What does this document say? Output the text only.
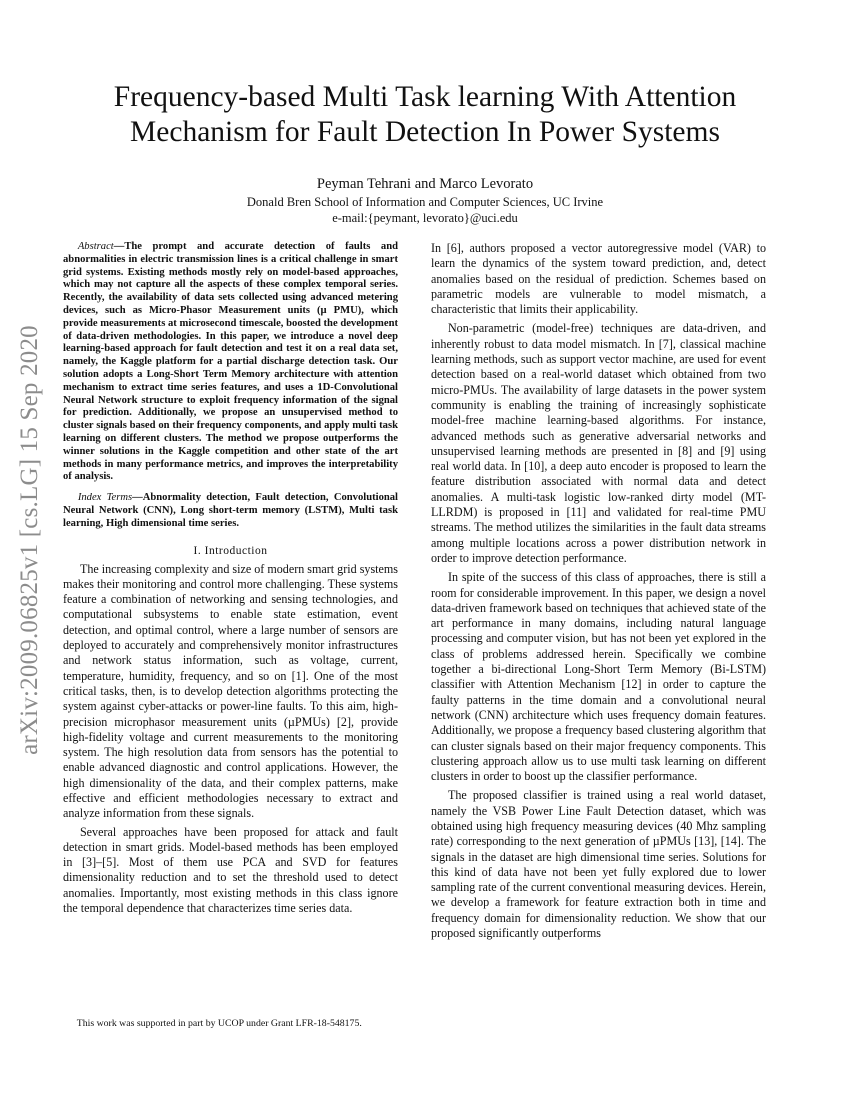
arXiv:2009.06825v1 [cs.LG] 15 Sep 2020
Frequency-based Multi Task learning With Attention
Mechanism for Fault Detection In Power Systems
Peyman Tehrani and Marco Levorato
Donald Bren School of Information and Computer Sciences, UC Irvine
e-mail:{peymant, levorato}@uci.edu

Abstract—The prompt and accurate detection of faults and abnormalities in electric transmission lines is a critical challenge in smart grid systems. Existing methods mostly rely on model-based approaches, which may not capture all the aspects of these complex temporal series. Recently, the availability of data sets collected using advanced metering devices, such as Micro-Phasor Measurement units (µ PMU), which provide measurements at microsecond timescale, boosted the development of data-driven methodologies. In this paper, we introduce a novel deep learning-based approach for fault detection and test it on a real data set, namely, the Kaggle platform for a partial discharge detection task. Our solution adopts a Long-Short Term Memory architecture with attention mechanism to extract time series features, and uses a 1D-Convolutional Neural Network structure to exploit frequency information of the signal for prediction. Additionally, we propose an unsupervised method to cluster signals based on their frequency components, and apply multi task learning on different clusters. The method we propose outperforms the winner solutions in the Kaggle competition and other state of the art methods in many performance metrics, and improves the interpretability of analysis.

Index Terms—Abnormality detection, Fault detection, Convolutional Neural Network (CNN), Long short-term memory (LSTM), Multi task learning, High dimensional time series.

I. Introduction

The increasing complexity and size of modern smart grid systems makes their monitoring and control more challenging. These systems feature a combination of networking and sensing technologies, and computational subsystems to enable state estimation, event detection, and optimal control, where a large number of sensors are deployed to accurately and comprehensively monitor infrastructures and network status information, such as voltage, current, temperature, humidity, frequency, and so on [1]. One of the most critical tasks, then, is to develop detection algorithms protecting the system against cyber-attacks or power-line faults. To this aim, high-precision microphasor measurement units (µPMUs) [2], provide high-fidelity voltage and current measurements to the monitoring system. The high resolution data from sensors has the potential to enable advanced diagnostic and control applications. However, the high dimensionality of the data, and their complex patterns, make effective and efficient methodologies necessary to extract and analyze information from these signals.

Several approaches have been proposed for attack and fault detection in smart grids. Model-based methods has been employed in [3]–[5]. Most of them use PCA and SVD for features dimensionality reduction and to set the threshold used to detect anomalies. Importantly, most existing methods in this class ignore the temporal dependence that characterizes time series data.

In [6], authors proposed a vector autoregressive model (VAR) to learn the dynamics of the system toward prediction, and, detect anomalies based on the residual of prediction. Schemes based on parametric models are vulnerable to model mismatch, a characteristic that limits their applicability.

Non-parametric (model-free) techniques are data-driven, and inherently robust to data model mismatch. In [7], classical machine learning methods, such as support vector machine, are used for event detection based on a real-world dataset which obtained from two micro-PMUs. The availability of large datasets in the power system community is enabling the training of increasingly sophisticate model-free machine learning-based algorithms. For instance, advanced methods such as generative adversarial networks and unsupervised learning methods are presented in [8] and [9] using real world data. In [10], a deep auto encoder is proposed to learn the feature distribution associated with normal data and detect anomalies. A multi-task logistic low-ranked dirty model (MT-LLRDM) is proposed in [11] and validated for real-time PMU streams. The method utilizes the similarities in the fault data streams among multiple locations across a power distribution network in order to improve detection performance.

In spite of the success of this class of approaches, there is still a room for considerable improvement. In this paper, we design a novel data-driven framework based on techniques that achieved state of the art performance in many domains, including natural language processing and computer vision, but has not been yet explored in the class of problems addressed herein. Specifically we combine together a bi-directional Long-Short Term Memory (Bi-LSTM) classifier with Attention Mechanism [12] in order to capture the faulty patterns in the time domain and a convolutional neural network (CNN) architecture which uses frequency domain features. Additionally, we propose a frequency based clustering algorithm that can cluster signals based on their major frequency components. This clustering approach allow us to use multi task learning on different clusters in order to boost up the classifier performance.

The proposed classifier is trained using a real world dataset, namely the VSB Power Line Fault Detection dataset, which was obtained using high frequency measuring devices (40 Mhz sampling rate) corresponding to the next generation of µPMUs [13], [14]. The signals in the dataset are high dimensional time series. Solutions for this kind of data have not been yet fully explored due to lower sampling rate of the current conventional measuring devices. Herein, we develop a framework for feature extraction both in time and frequency domain for dimensionality reduction. We show that our proposed significantly outperforms

This work was supported in part by UCOP under Grant LFR-18-548175.
